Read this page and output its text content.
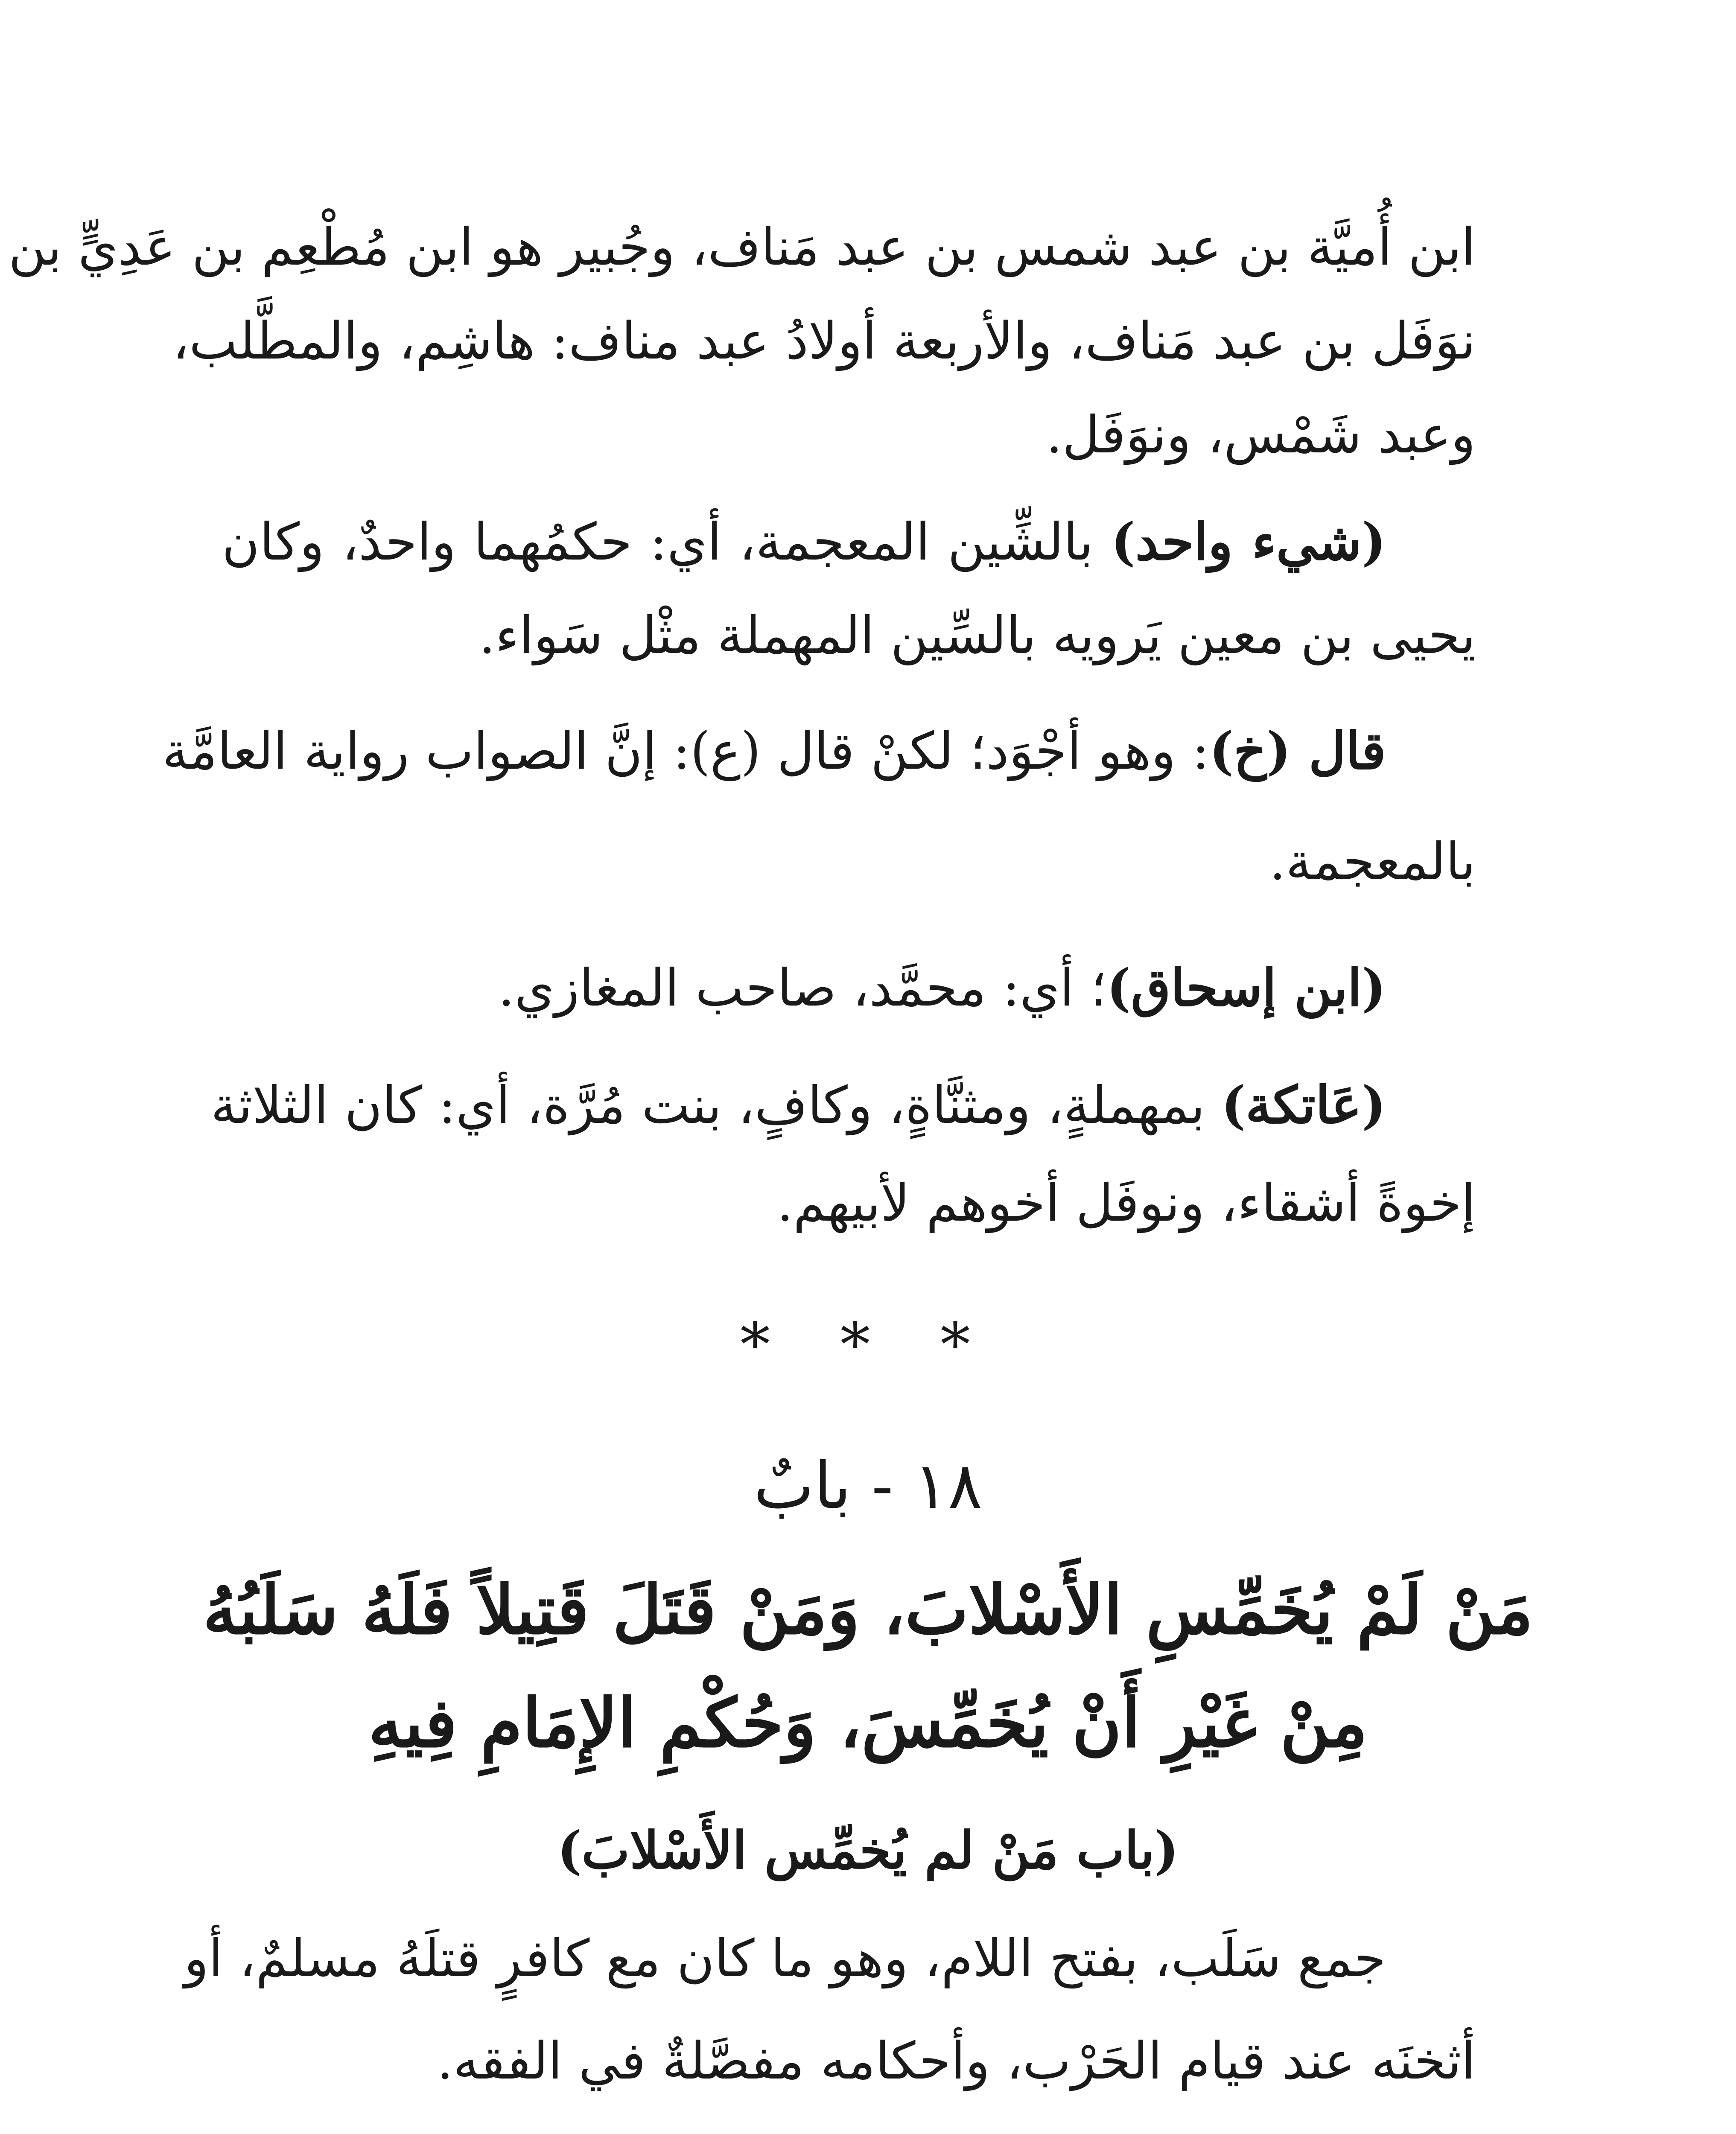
ابن أُميَّة بن عبد شمس بن عبد مَناف، وجُبير هو ابن مُطْعِم بن عَدِيٍّ بن
نوَفَل بن عبد مَناف، والأربعة أولادُ عبد مناف: هاشِم، والمطَّلب،
وعبد شَمْس، ونوَفَل.
(شيء واحد) بالشِّين المعجمة، أي: حكمُهما واحدٌ، وكان
يحيى بن معين يَرويه بالسِّين المهملة مثْل سَواء.
قال (خ): وهو أجْوَد؛ لكنْ قال (ع): إنَّ الصواب رواية العامَّة
بالمعجمة.
(ابن إسحاق)؛ أي: محمَّد، صاحب المغازي.
(عَاتكة) بمهملةٍ، ومثنَّاةٍ، وكافٍ، بنت مُرَّة، أي: كان الثلاثة
إخوةً أشقاء، ونوفَل أخوهم لأبيهم.
* * *
١٨ - بابٌ
مَنْ لَمْ يُخَمِّسِ الأَسْلابَ، وَمَنْ قَتَلَ قَتِيلاً فَلَهُ سَلَبُهُ
مِنْ غَيْرِ أَنْ يُخَمِّسَ، وَحُكْمِ الإِمَامِ فِيهِ
(باب مَنْ لم يُخمِّس الأَسْلابَ)
جمع سَلَب، بفتح اللام، وهو ما كان مع كافرٍ قتلَهُ مسلمٌ، أو
أثخنَه عند قيام الحَرْب، وأحكامه مفصَّلةٌ في الفقه.
